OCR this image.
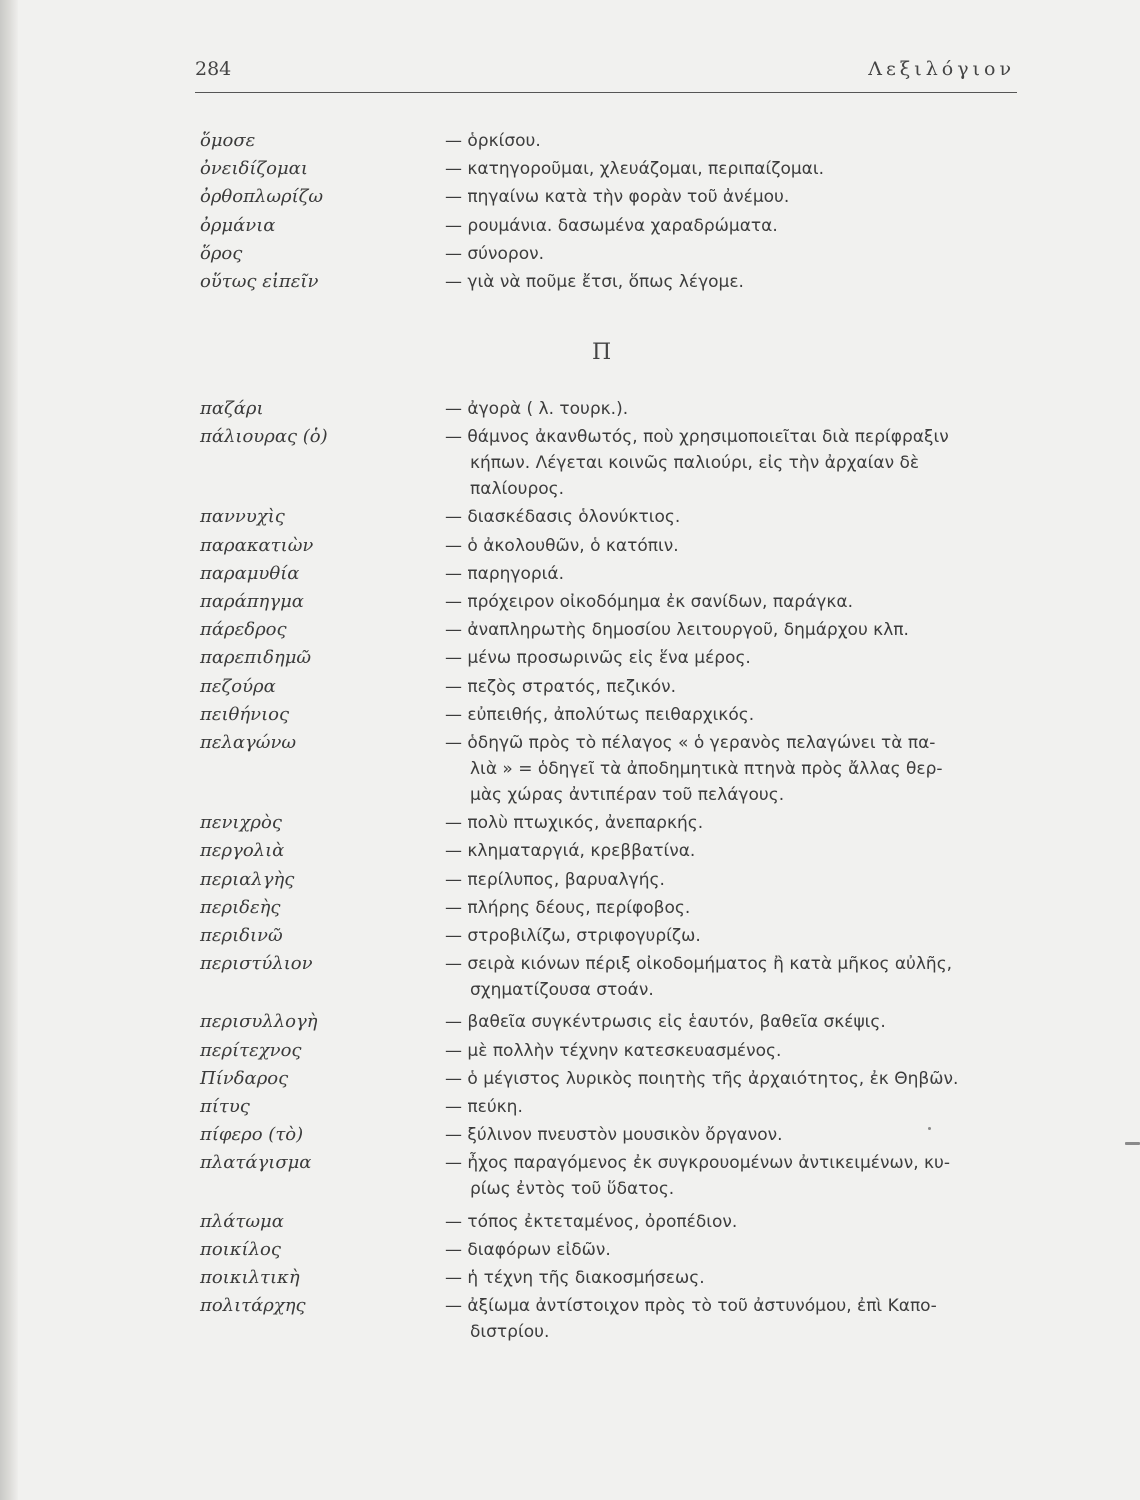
284	Λεξιλόγιον
ὅμοσε	— ὁρκίσου.
ὀνειδίζομαι	— κατηγοροῦμαι, χλευάζομαι, περιπαίζομαι.
ὀρθοπλωρίζω	— πηγαίνω κατὰ τὴν φορὰν τοῦ ἀνέμου.
ὀρμάνια	— ρουμάνια. δασωμένα χαραδρώματα.
ὅρος	— σύνορον.
οὕτως εἰπεῖν	— γιὰ νὰ ποῦμε ἔτσι, ὅπως λέγομε.
Π
παζάρι	— ἀγορὰ ( λ. τουρκ.).
πάλιουρας (ὁ)	— θάμνος ἀκανθωτός, ποὺ χρησιμοποιεῖται διὰ περίφραξιν
κήπων. Λέγεται κοινῶς παλιούρι, εἰς τὴν ἀρχαίαν δὲ
παλίουρος.
παννυχὶς	— διασκέδασις ὁλονύκτιος.
παρακατιὼν	— ὁ ἀκολουθῶν, ὁ κατόπιν.
παραμυθία	— παρηγοριά.
παράπηγμα	— πρόχειρον οἰκοδόμημα ἐκ σανίδων, παράγκα.
πάρεδρος	— ἀναπληρωτὴς δημοσίου λειτουργοῦ, δημάρχου κλπ.
παρεπιδημῶ	— μένω προσωρινῶς εἰς ἕνα μέρος.
πεζούρα	— πεζὸς στρατός, πεζικόν.
πειθήνιος	— εὐπειθής, ἀπολύτως πειθαρχικός.
πελαγώνω	— ὁδηγῶ πρὸς τὸ πέλαγος « ὁ γερανὸς πελαγώνει τὰ πα-
λιὰ » = ὁδηγεῖ τὰ ἀποδημητικὰ πτηνὰ πρὸς ἄλλας θερ-
μὰς χώρας ἀντιπέραν τοῦ πελάγους.
πενιχρὸς	— πολὺ πτωχικός, ἀνεπαρκής.
περγολιὰ	— κληματαργιά, κρεββατίνα.
περιαλγὴς	— περίλυπος, βαρυαλγής.
περιδεὴς	— πλήρης δέους, περίφοβος.
περιδινῶ	— στροβιλίζω, στριφογυρίζω.
περιστύλιον	— σειρὰ κιόνων πέριξ οἰκοδομήματος ἢ κατὰ μῆκος αὐλῆς,
σχηματίζουσα στοάν.
περισυλλογὴ	— βαθεῖα συγκέντρωσις εἰς ἑαυτόν, βαθεῖα σκέψις.
περίτεχνος	— μὲ πολλὴν τέχνην κατεσκευασμένος.
Πίνδαρος	— ὁ μέγιστος λυρικὸς ποιητὴς τῆς ἀρχαιότητος, ἐκ Θηβῶν.
πίτυς	— πεύκη.
πίφερο (τὸ)	— ξύλινον πνευστὸν μουσικὸν ὄργανον.
πλατάγισμα	— ἦχος παραγόμενος ἐκ συγκρουομένων ἀντικειμένων, κυ-
ρίως ἐντὸς τοῦ ὕδατος.
πλάτωμα	— τόπος ἐκτεταμένος, ὀροπέδιον.
ποικίλος	— διαφόρων εἰδῶν.
ποικιλτικὴ	— ἡ τέχνη τῆς διακοσμήσεως.
πολιτάρχης	— ἀξίωμα ἀντίστοιχον πρὸς τὸ τοῦ ἀστυνόμου, ἐπὶ Καπο-
διστρίου.
